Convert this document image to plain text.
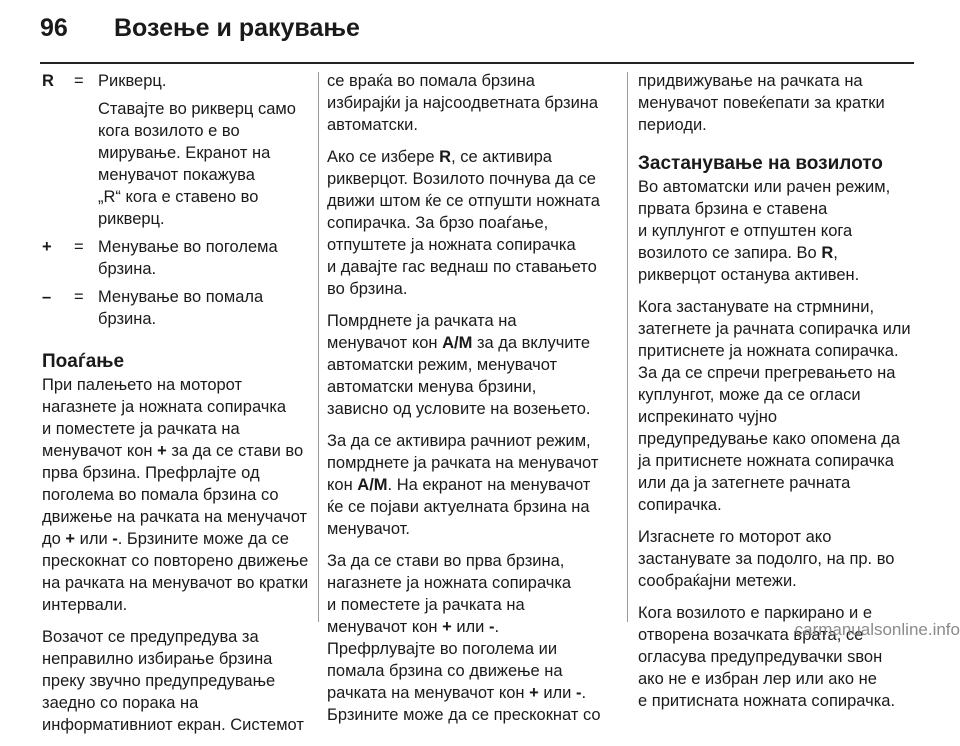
96 Возење и ракување
R	= Рикверц.
Ставајте во рикверц само
кога возилото е во
мирување. Екранот на
менувачот покажува
„R“ кога е ставено во
рикверц.
+	= Менување во поголема
брзина.
–	= Менување во помала
брзина.
Поаѓање

При палењето на моторот
нагазнете ја ножната сопирачка
и поместете ја рачката на
менувачот кон + за да се стави во
прва брзина. Префрлајте од
поголема во помала брзина со
движење на рачката на менучачот
до + или -. Брзините може да се
прескокнат со повторено движење
на рачката на менувачот во кратки
интервали.

Возачот се предупредува за
неправилно избирање брзина
преку звучно предупредување
заедно со порака на
информативниот екран. Системот

се враќа во помала брзина
избирајќи ја најсоодветната брзина
автоматски.

Ако се избере R, се активира
рикверцот. Возилото почнува да се
движи штом ќе се отпушти ножната
сопирачка. За брзо поаѓање,
отпуштете ја ножната сопирачка
и давајте гас веднаш по ставањето
во брзина.

Помрднете ја рачката на
менувачот кон A/M за да вклучите
автоматски режим, менувачот
автоматски менува брзини,
зависно од условите на возењето.

За да се активира рачниот режим,
помрднете ја рачката на менувачот
кон A/M. На екранот на менувачот
ќе се појави актуелната брзина на
менувачот.

За да се стави во прва брзина,
нагазнете ја ножната сопирачка
и поместете ја рачката на
менувачот кон + или -.
Префрлувајте во поголема ии
помала брзина со движење на
рачката на менувачот кон + или -.
Брзините може да се прескокнат со

придвижување на рачката на
менувачот повеќепати за кратки
периоди.

Застанување на возилото

Во автоматски или рачен режим,
првата брзина е ставена
и куплунгот е отпуштен кога
возилото се запира. Во R,
рикверцот останува активен.

Кога застанувате на стрмнини,
затегнете ја рачната сопирачка или
притиснете ја ножната сопирачка.
За да се спречи прегревањето на
куплунгот, може да се огласи
испрекинато чујно
предупредување како опомена да
ја притиснете ножната сопирачка
или да ја затегнете рачната
сопирачка.

Изгаснете го моторот ако
застанувате за подолго, на пр. во
сообраќајни метежи.

Кога возилото е паркирано и е
отворена возачката врата, се
огласува предупредувачки ѕвон
ако не е избран лер или ако не
е притисната ножната сопирачка.

carmanualsonline.info
